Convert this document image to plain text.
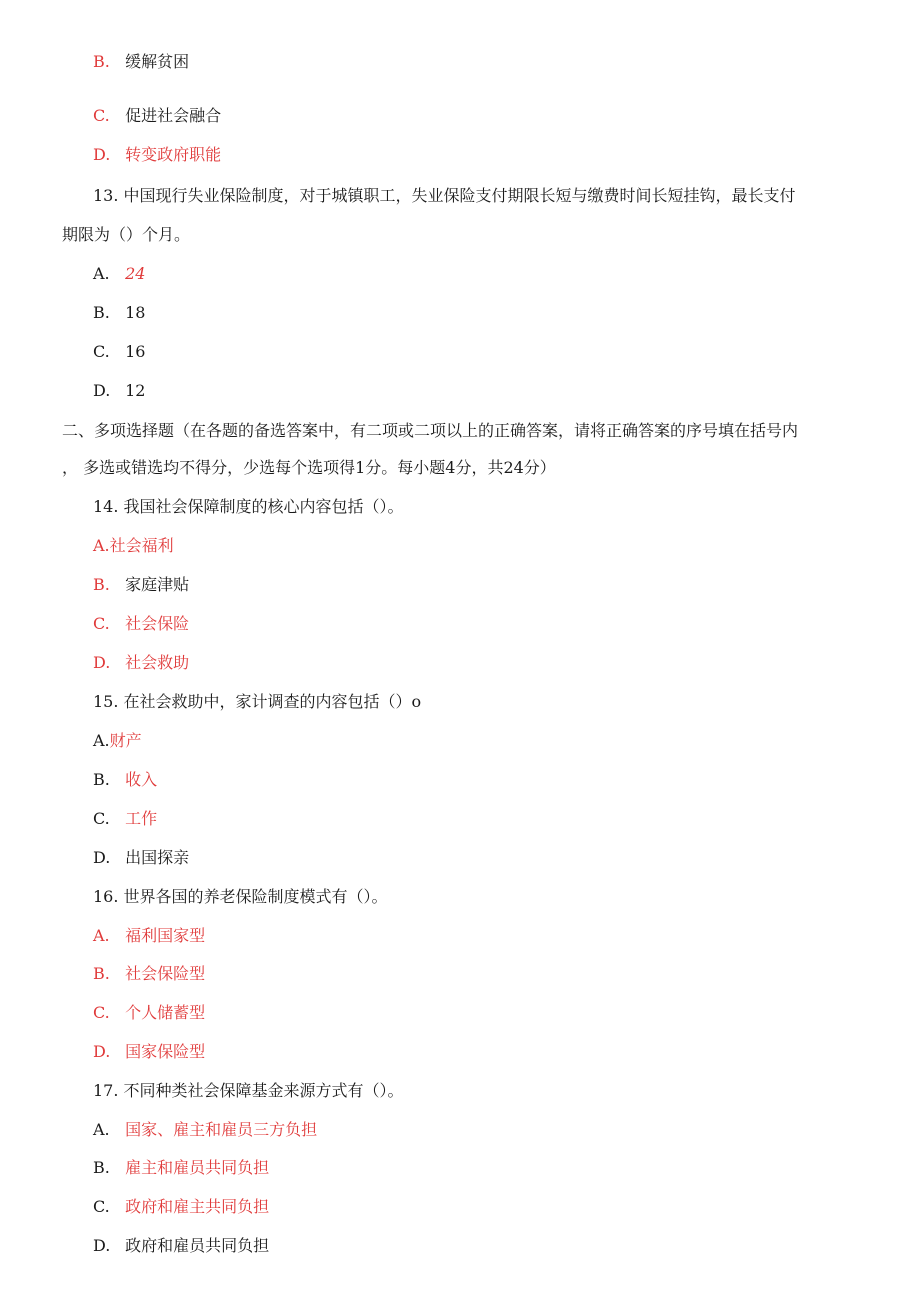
B. 缓解贫困
C. 促进社会融合
D. 转变政府职能
13. 中国现行失业保险制度，对于城镇职工，失业保险支付期限长短与缴费时间长短挂钩，最长支付
期限为（）个月。
A. 24
B. 18
C. 16
D. 12
二、多项选择题（在各题的备选答案中，有二项或二项以上的正确答案，请将正确答案的序号填在括号内
， 多选或错选均不得分，少选每个选项得1分。每小题4分，共24分）
14. 我国社会保障制度的核心内容包括（）。
A.社会福利
B. 家庭津贴
C. 社会保险
D. 社会救助
15. 在社会救助中，家计调查的内容包括（）o
A.财产
B. 收入
C. 工作
D. 出国探亲
16. 世界各国的养老保险制度模式有（）。
A. 福利国家型
B. 社会保险型
C. 个人储蓄型
D. 国家保险型
17. 不同种类社会保障基金来源方式有（）。
A. 国家、雇主和雇员三方负担
B. 雇主和雇员共同负担
C. 政府和雇主共同负担
D. 政府和雇员共同负担
